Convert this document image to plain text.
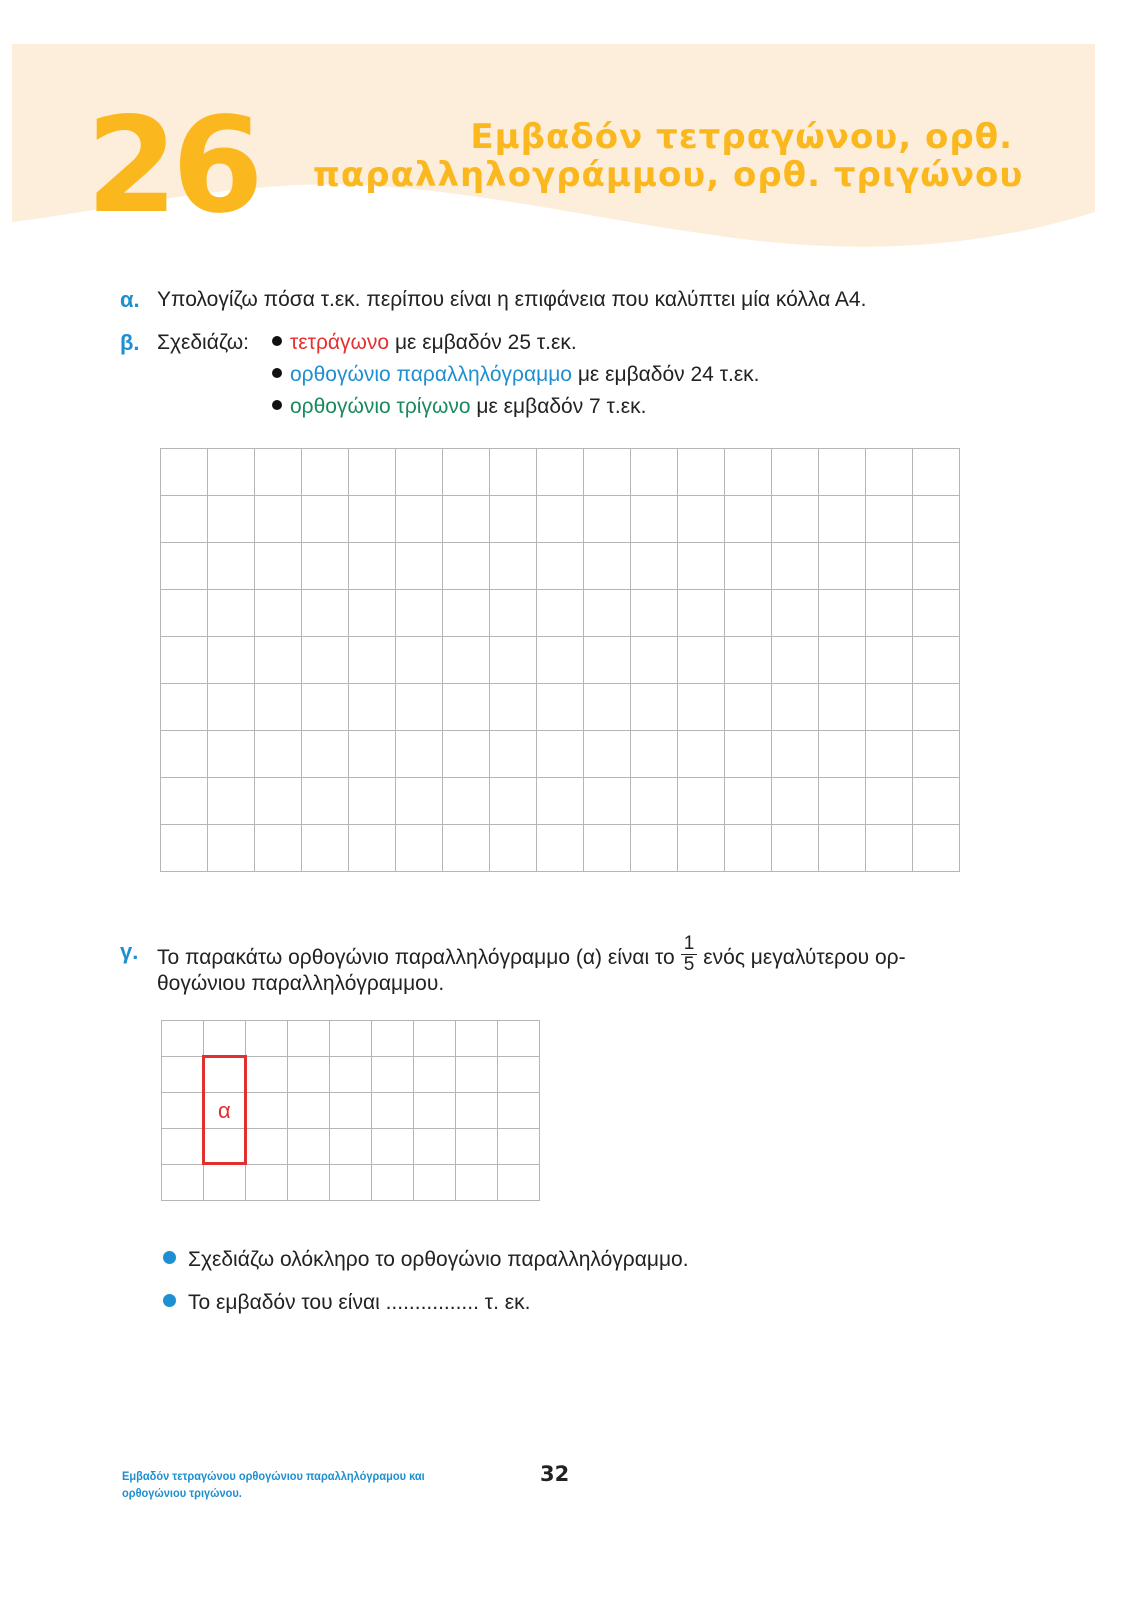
26	Εμβαδόν τετραγώνου, ορθ.
παραλληλογράμμου, ορθ. τριγώνου
α. Υπολογίζω πόσα τ.εκ. περίπου είναι η επιφάνεια που καλύπτει μία κόλλα Α4.
β. Σχεδιάζω:	τετράγωνο με εμβαδόν 25 τ.εκ.
ορθογώνιο παραλληλόγραμμο με εμβαδόν 24 τ.εκ.
ορθογώνιο τρίγωνο με εμβαδόν 7 τ.εκ.

γ. Το παρακάτω ορθογώνιο παραλληλόγραμμο (α) είναι το $\frac{1}{5}$ ενός μεγαλύτερου ορ-
θογώνιου παραλληλόγραμμου.

α
Σχεδιάζω ολόκληρο το ορθογώνιο παραλληλόγραμμο.
Το εμβαδόν του είναι ................ τ. εκ.
Εμβαδόν τετραγώνου ορθογώνιου παραλληλόγραμου και ορθογώνιου τριγώνου.
32
